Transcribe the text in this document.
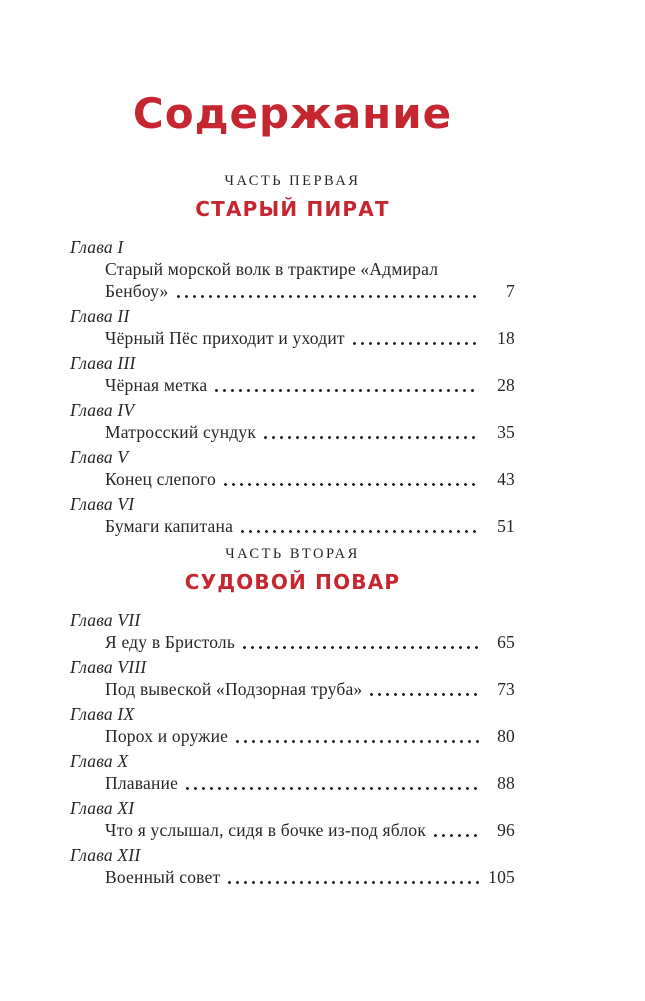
Содержание
ЧАСТЬ ПЕРВАЯ
СТАРЫЙ ПИРАТ
Глава I
Старый морской волк в трактире «Адмирал
Бенбоу»	7
Глава II
Чёрный Пёс приходит и уходит	18
Глава III
Чёрная метка	28
Глава IV
Матросский сундук	35
Глава V
Конец слепого	43
Глава VI
Бумаги капитана	51
ЧАСТЬ ВТОРАЯ
СУДОВОЙ ПОВАР
Глава VII
Я еду в Бристоль	65
Глава VIII
Под вывеской «Подзорная труба»	73
Глава IX
Порох и оружие	80
Глава X
Плавание	88
Глава XI
Что я услышал, сидя в бочке из-под яблок	96
Глава XII
Военный совет	105
